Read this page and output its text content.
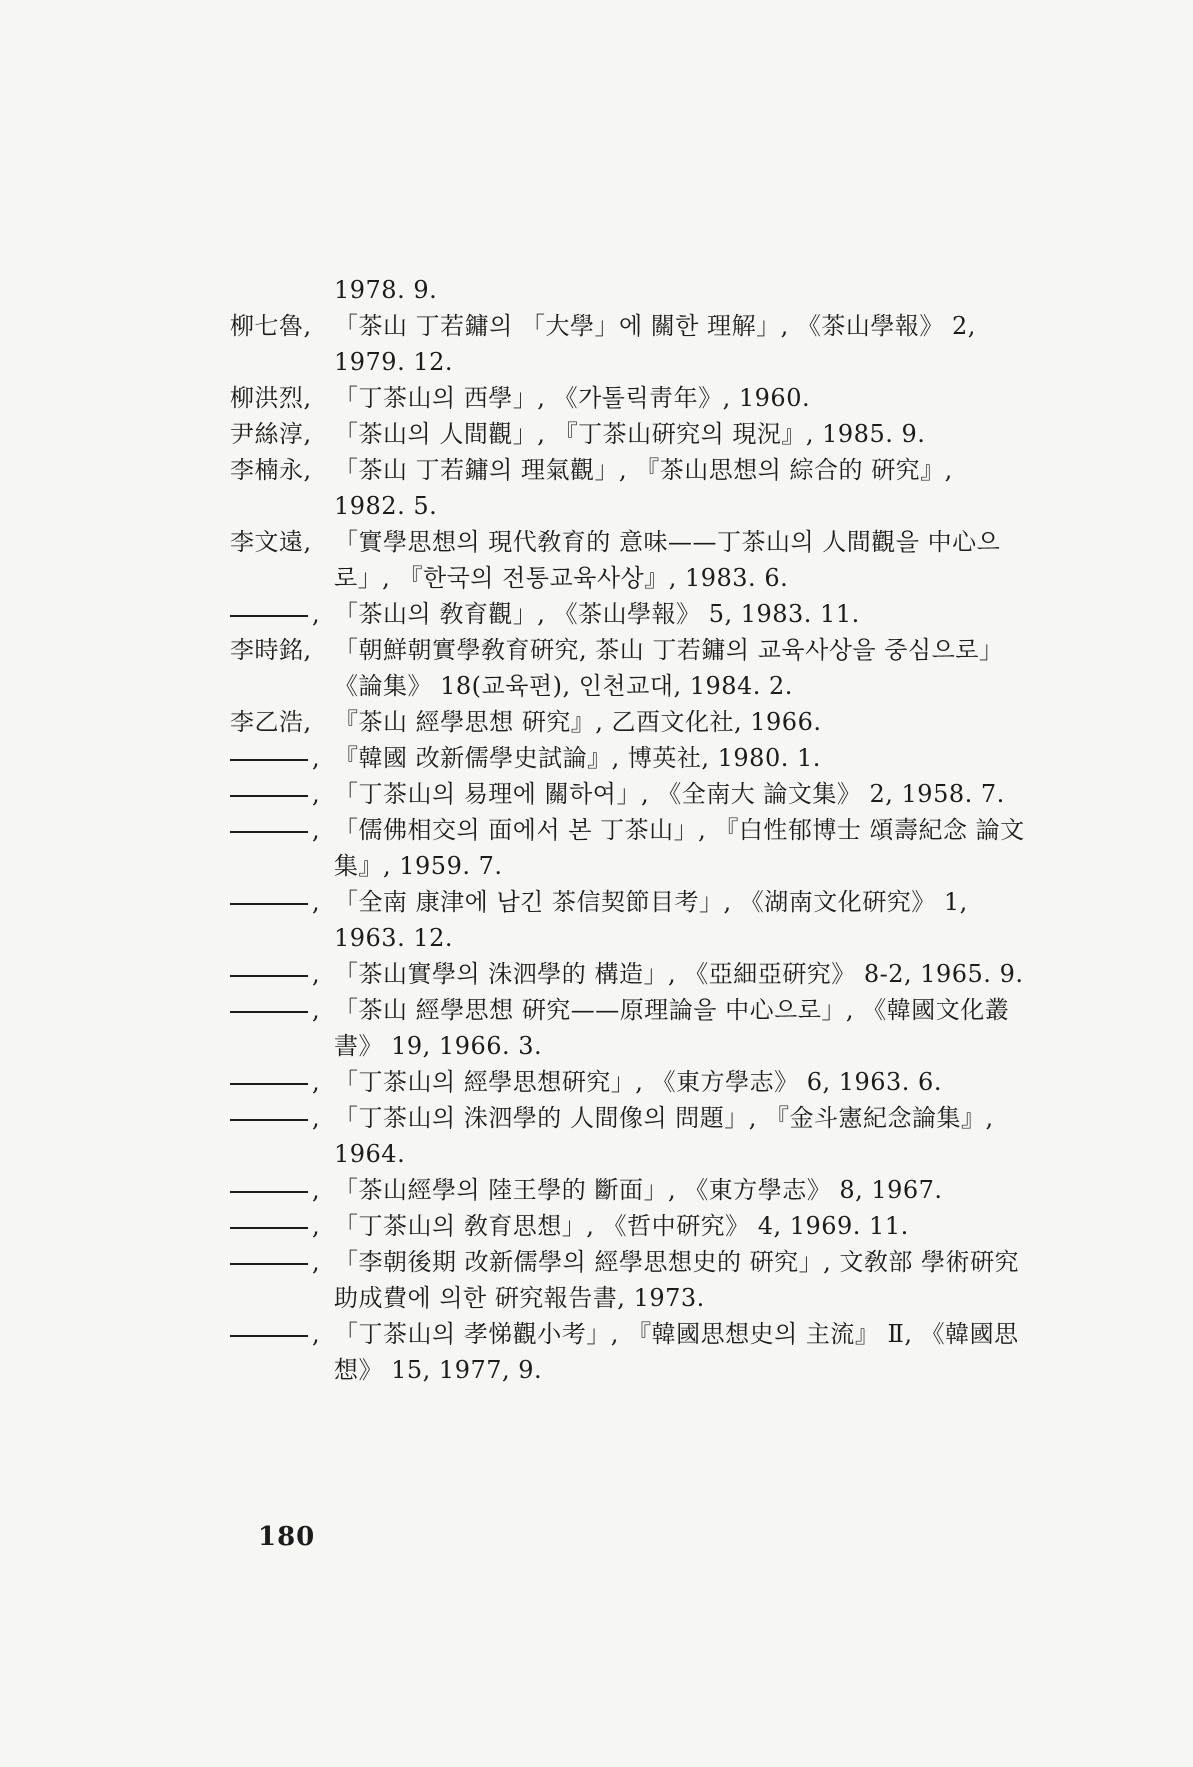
1978. 9.
柳七魯, 「茶山 丁若鏞의 「大學」에 關한 理解」, 《茶山學報》 2, 1979. 12.
柳洪烈, 「丁茶山의 西學」, 《가톨릭靑年》, 1960.
尹絲淳, 「茶山의 人間觀」, 『丁茶山硏究의 現況』, 1985. 9.
李楠永, 「茶山 丁若鏞의 理氣觀」, 『茶山思想의 綜合的 硏究』, 1982. 5.
李文遠, 「實學思想의 現代敎育的 意味——丁茶山의 人間觀을 中心으로」, 『한국의 전통교육사상』, 1983. 6.
, 「茶山의 敎育觀」, 《茶山學報》 5, 1983. 11.
李時銘, 「朝鮮朝實學敎育硏究, 茶山 丁若鏞의 교육사상을 중심으로」 《論集》 18(교육편), 인천교대, 1984. 2.
李乙浩, 『茶山 經學思想 硏究』, 乙酉文化社, 1966.
, 『韓國 改新儒學史試論』, 博英社, 1980. 1.
, 「丁茶山의 易理에 關하여」, 《全南大 論文集》 2, 1958. 7.
, 「儒佛相交의 面에서 본 丁茶山」, 『白性郁博士 頌壽紀念 論文集』, 1959. 7.
, 「全南 康津에 남긴 茶信契節目考」, 《湖南文化硏究》 1, 1963. 12.
, 「茶山實學의 洙泗學的 構造」, 《亞細亞硏究》 8-2, 1965. 9.
, 「茶山 經學思想 硏究——原理論을 中心으로」, 《韓國文化叢書》 19, 1966. 3.
, 「丁茶山의 經學思想硏究」, 《東方學志》 6, 1963. 6.
, 「丁茶山의 洙泗學的 人間像의 問題」, 『金斗憲紀念論集』, 1964.
, 「茶山經學의 陸王學的 斷面」, 《東方學志》 8, 1967.
, 「丁茶山의 敎育思想」, 《哲中硏究》 4, 1969. 11.
, 「李朝後期 改新儒學의 經學思想史的 硏究」, 文敎部 學術硏究助成費에 의한 硏究報告書, 1973.
, 「丁茶山의 孝悌觀小考」, 『韓國思想史의 主流』 Ⅱ, 《韓國思想》 15, 1977, 9.
180
